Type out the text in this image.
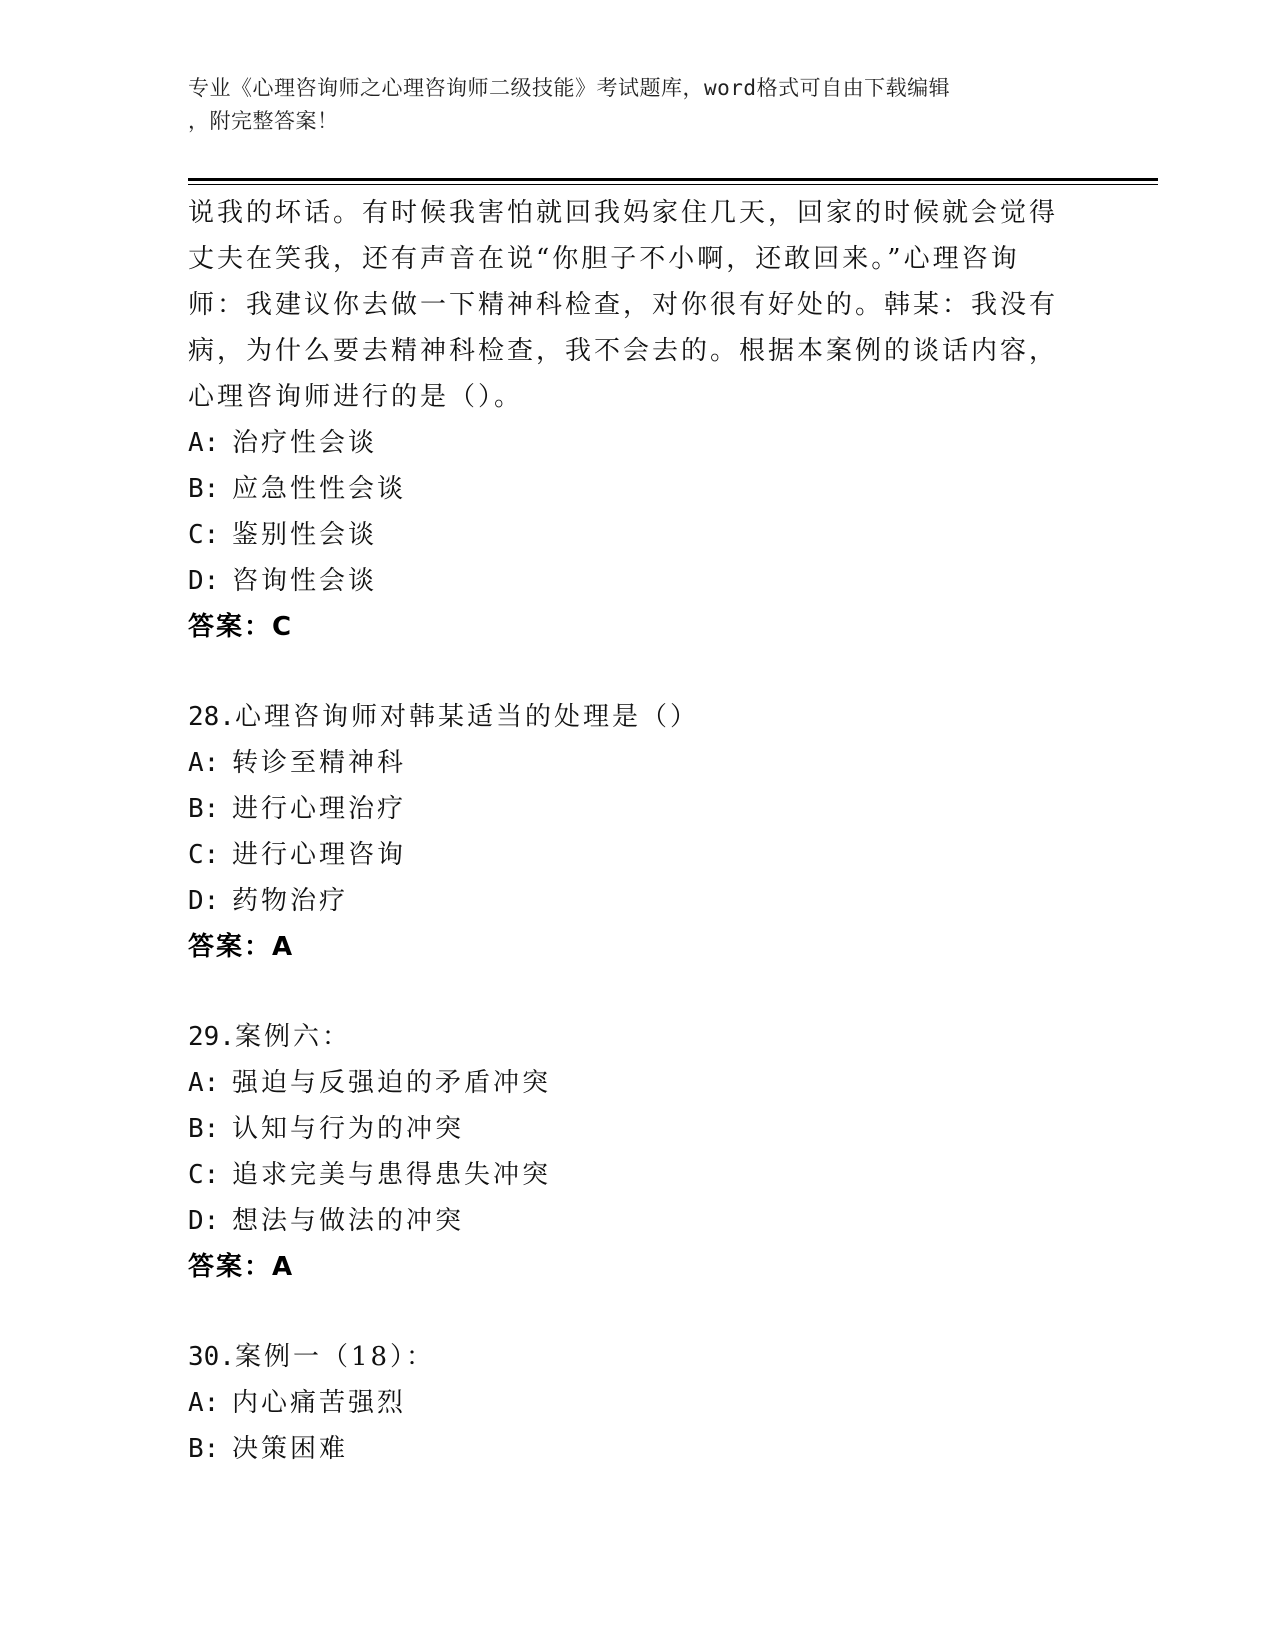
专业《心理咨询师之心理咨询师二级技能》考试题库，word格式可自由下载编辑
，附完整答案！

说我的坏话。有时候我害怕就回我妈家住几天，回家的时候就会觉得丈夫在笑我，还有声音在说“你胆子不小啊，还敢回来。”心理咨询师：我建议你去做一下精神科检查，对你很有好处的。韩某：我没有病，为什么要去精神科检查，我不会去的。根据本案例的谈话内容，心理咨询师进行的是（）。

A: 治疗性会谈
B: 应急性性会谈
C: 鉴别性会谈
D: 咨询性会谈
答案：C
28.心理咨询师对韩某适当的处理是（）
A: 转诊至精神科
B: 进行心理治疗
C: 进行心理咨询
D: 药物治疗
答案：A
29.案例六：
A: 强迫与反强迫的矛盾冲突
B: 认知与行为的冲突
C: 追求完美与患得患失冲突
D: 想法与做法的冲突
答案：A
30.案例一（18）：
A: 内心痛苦强烈
B: 决策困难
